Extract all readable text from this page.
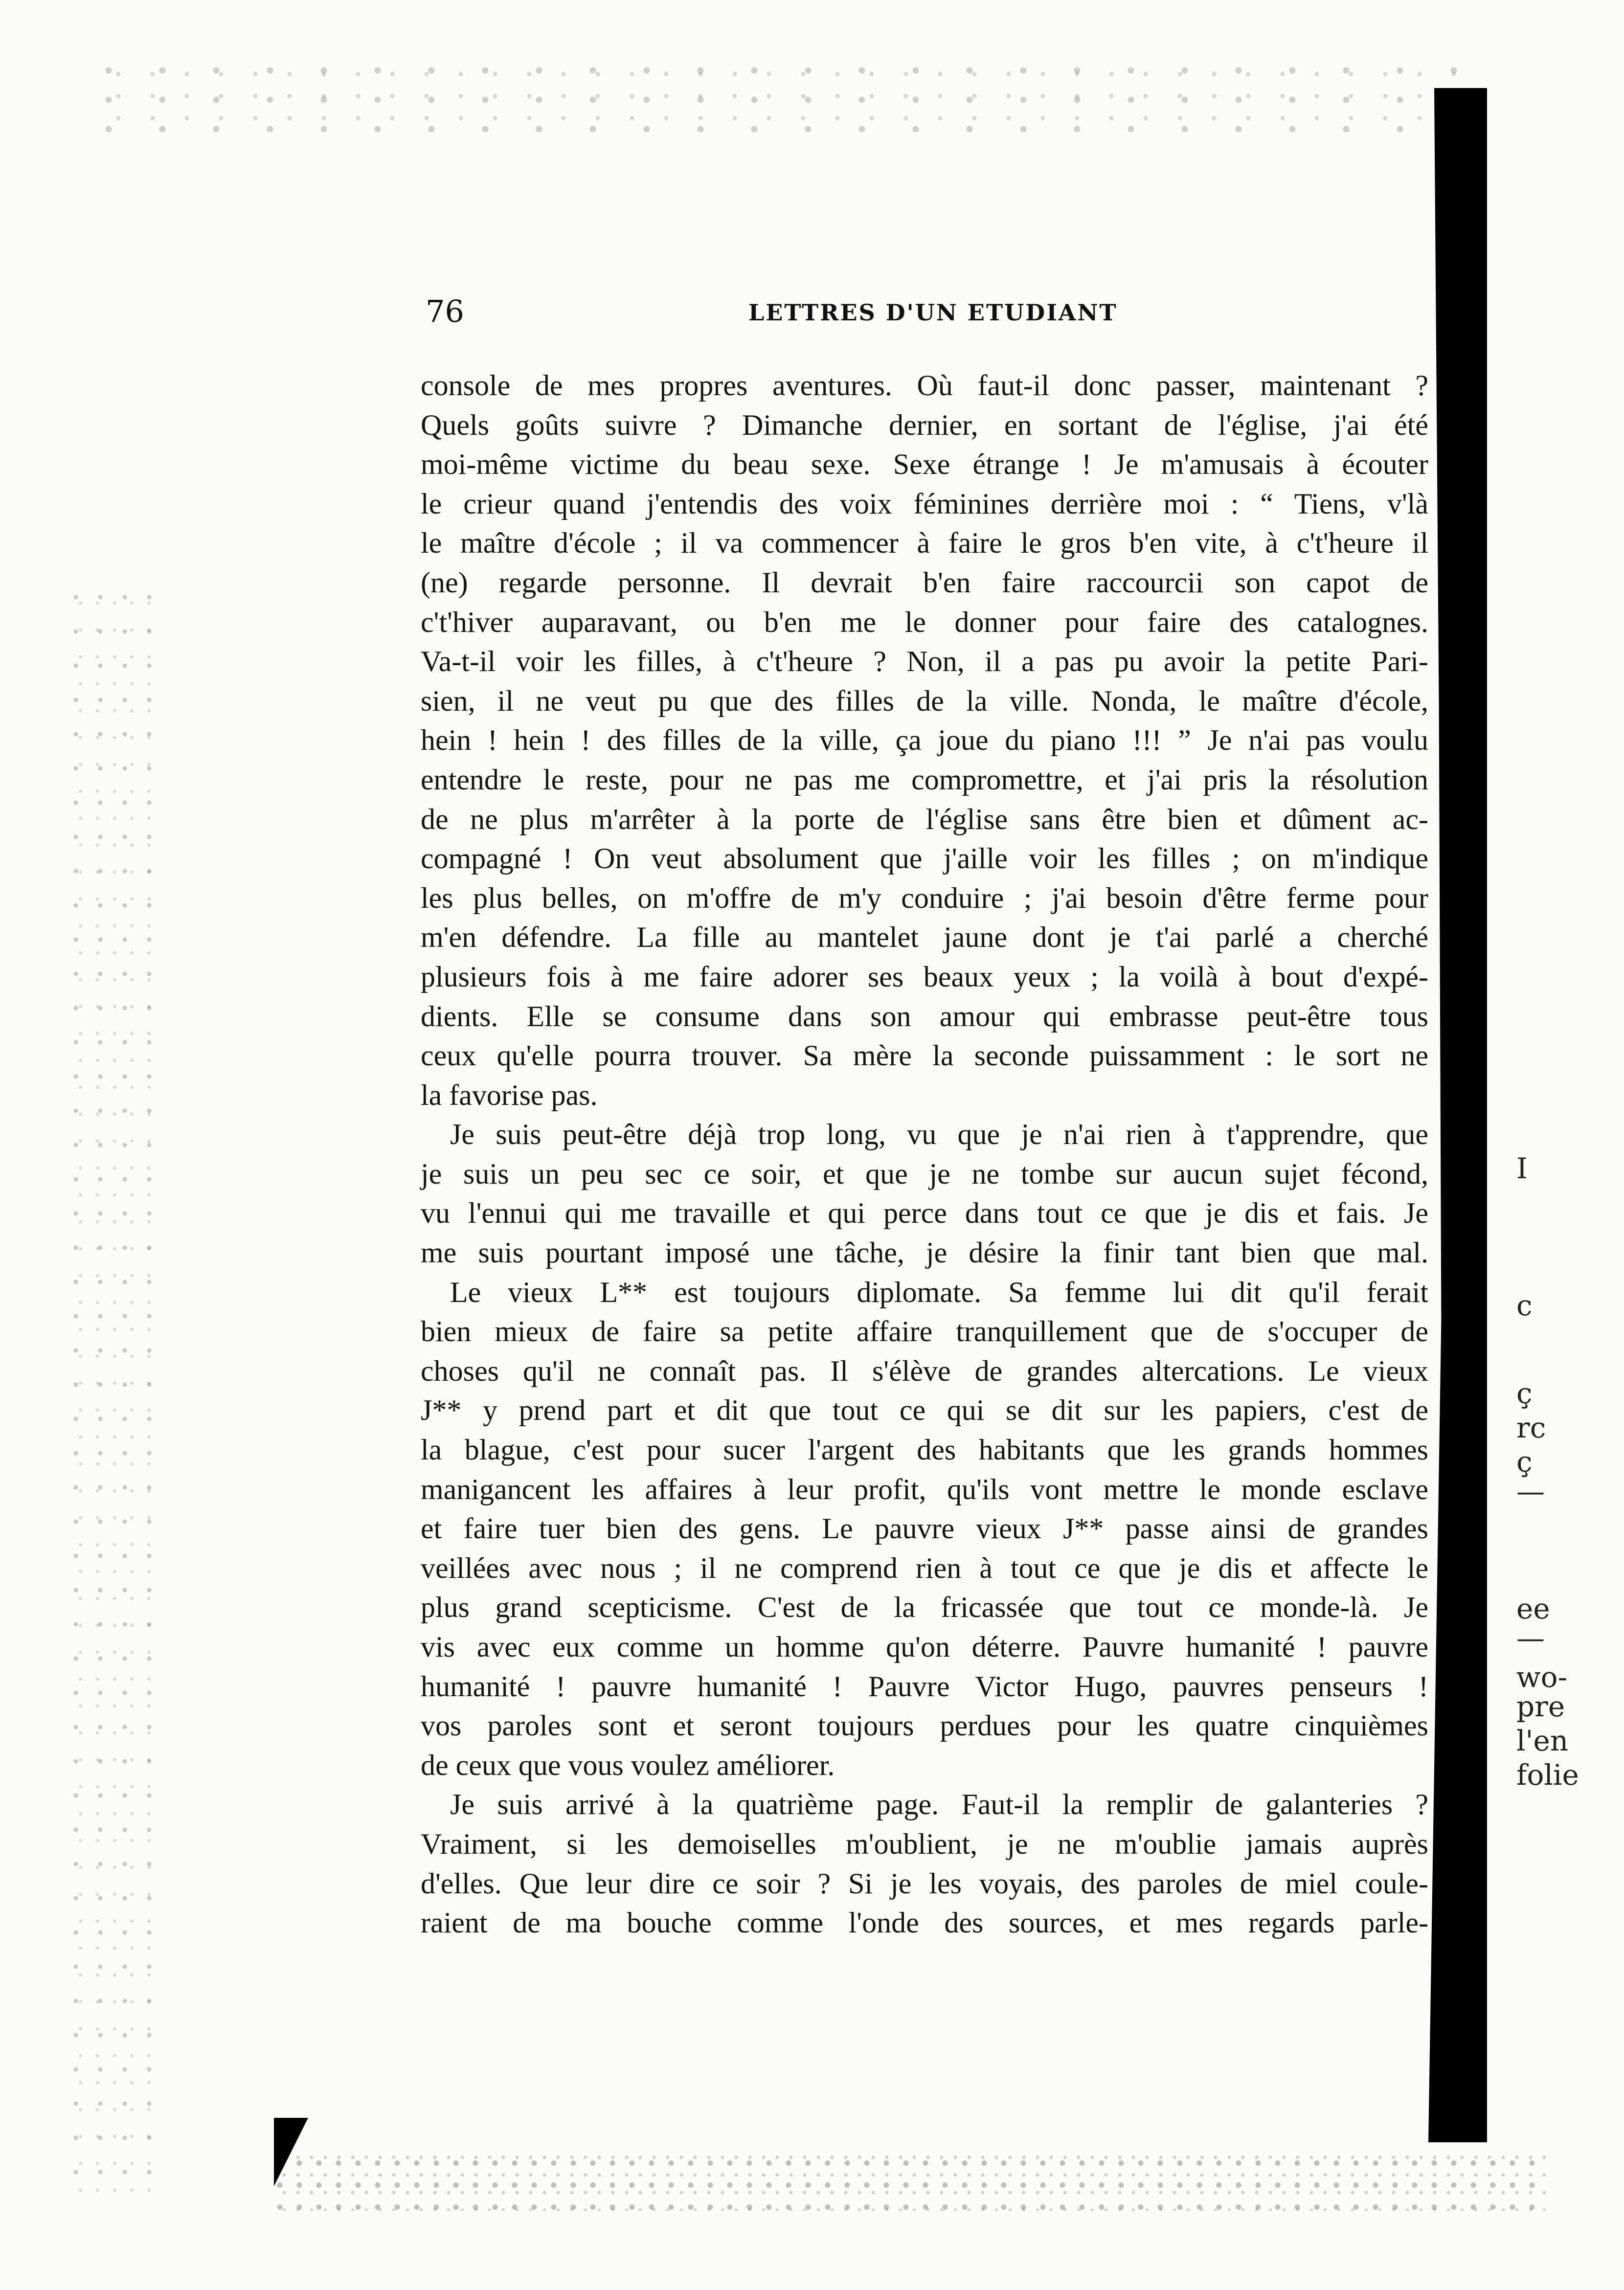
76	LETTRES D'UN ETUDIANT
console de mes propres aventures. Où faut-il donc passer, maintenant ?
Quels goûts suivre ? Dimanche dernier, en sortant de l'église, j'ai été
moi-même victime du beau sexe. Sexe étrange ! Je m'amusais à écouter
le crieur quand j'entendis des voix féminines derrière moi : “ Tiens, v'là
le maître d'école ; il va commencer à faire le gros b'en vite, à c't'heure il
(ne) regarde personne. Il devrait b'en faire raccourcii son capot de
c't'hiver auparavant, ou b'en me le donner pour faire des catalognes.
Va-t-il voir les filles, à c't'heure ? Non, il a pas pu avoir la petite Pari-
sien, il ne veut pu que des filles de la ville. Nonda, le maître d'école,
hein ! hein ! des filles de la ville, ça joue du piano !!! ” Je n'ai pas voulu
entendre le reste, pour ne pas me compromettre, et j'ai pris la résolution
de ne plus m'arrêter à la porte de l'église sans être bien et dûment ac-
compagné ! On veut absolument que j'aille voir les filles ; on m'indique
les plus belles, on m'offre de m'y conduire ; j'ai besoin d'être ferme pour
m'en défendre. La fille au mantelet jaune dont je t'ai parlé a cherché
plusieurs fois à me faire adorer ses beaux yeux ; la voilà à bout d'expé-
dients. Elle se consume dans son amour qui embrasse peut-être tous
ceux qu'elle pourra trouver. Sa mère la seconde puissamment : le sort ne
la favorise pas.
Je suis peut-être déjà trop long, vu que je n'ai rien à t'apprendre, que
je suis un peu sec ce soir, et que je ne tombe sur aucun sujet fécond,
vu l'ennui qui me travaille et qui perce dans tout ce que je dis et fais. Je
me suis pourtant imposé une tâche, je désire la finir tant bien que mal.
Le vieux L** est toujours diplomate. Sa femme lui dit qu'il ferait
bien mieux de faire sa petite affaire tranquillement que de s'occuper de
choses qu'il ne connaît pas. Il s'élève de grandes altercations. Le vieux
J** y prend part et dit que tout ce qui se dit sur les papiers, c'est de
la blague, c'est pour sucer l'argent des habitants que les grands hommes
manigancent les affaires à leur profit, qu'ils vont mettre le monde esclave
et faire tuer bien des gens. Le pauvre vieux J** passe ainsi de grandes
veillées avec nous ; il ne comprend rien à tout ce que je dis et affecte le
plus grand scepticisme. C'est de la fricassée que tout ce monde-là. Je
vis avec eux comme un homme qu'on déterre. Pauvre humanité ! pauvre
humanité ! pauvre humanité ! Pauvre Victor Hugo, pauvres penseurs !
vos paroles sont et seront toujours perdues pour les quatre cinquièmes
de ceux que vous voulez améliorer.
Je suis arrivé à la quatrième page. Faut-il la remplir de galanteries ?
Vraiment, si les demoiselles m'oublient, je ne m'oublie jamais auprès
d'elles. Que leur dire ce soir ? Si je les voyais, des paroles de miel coule-
raient de ma bouche comme l'onde des sources, et mes regards parle-
I
c
ç
rc
ç
—
ee
—
wo-
pre
l'en
folie
